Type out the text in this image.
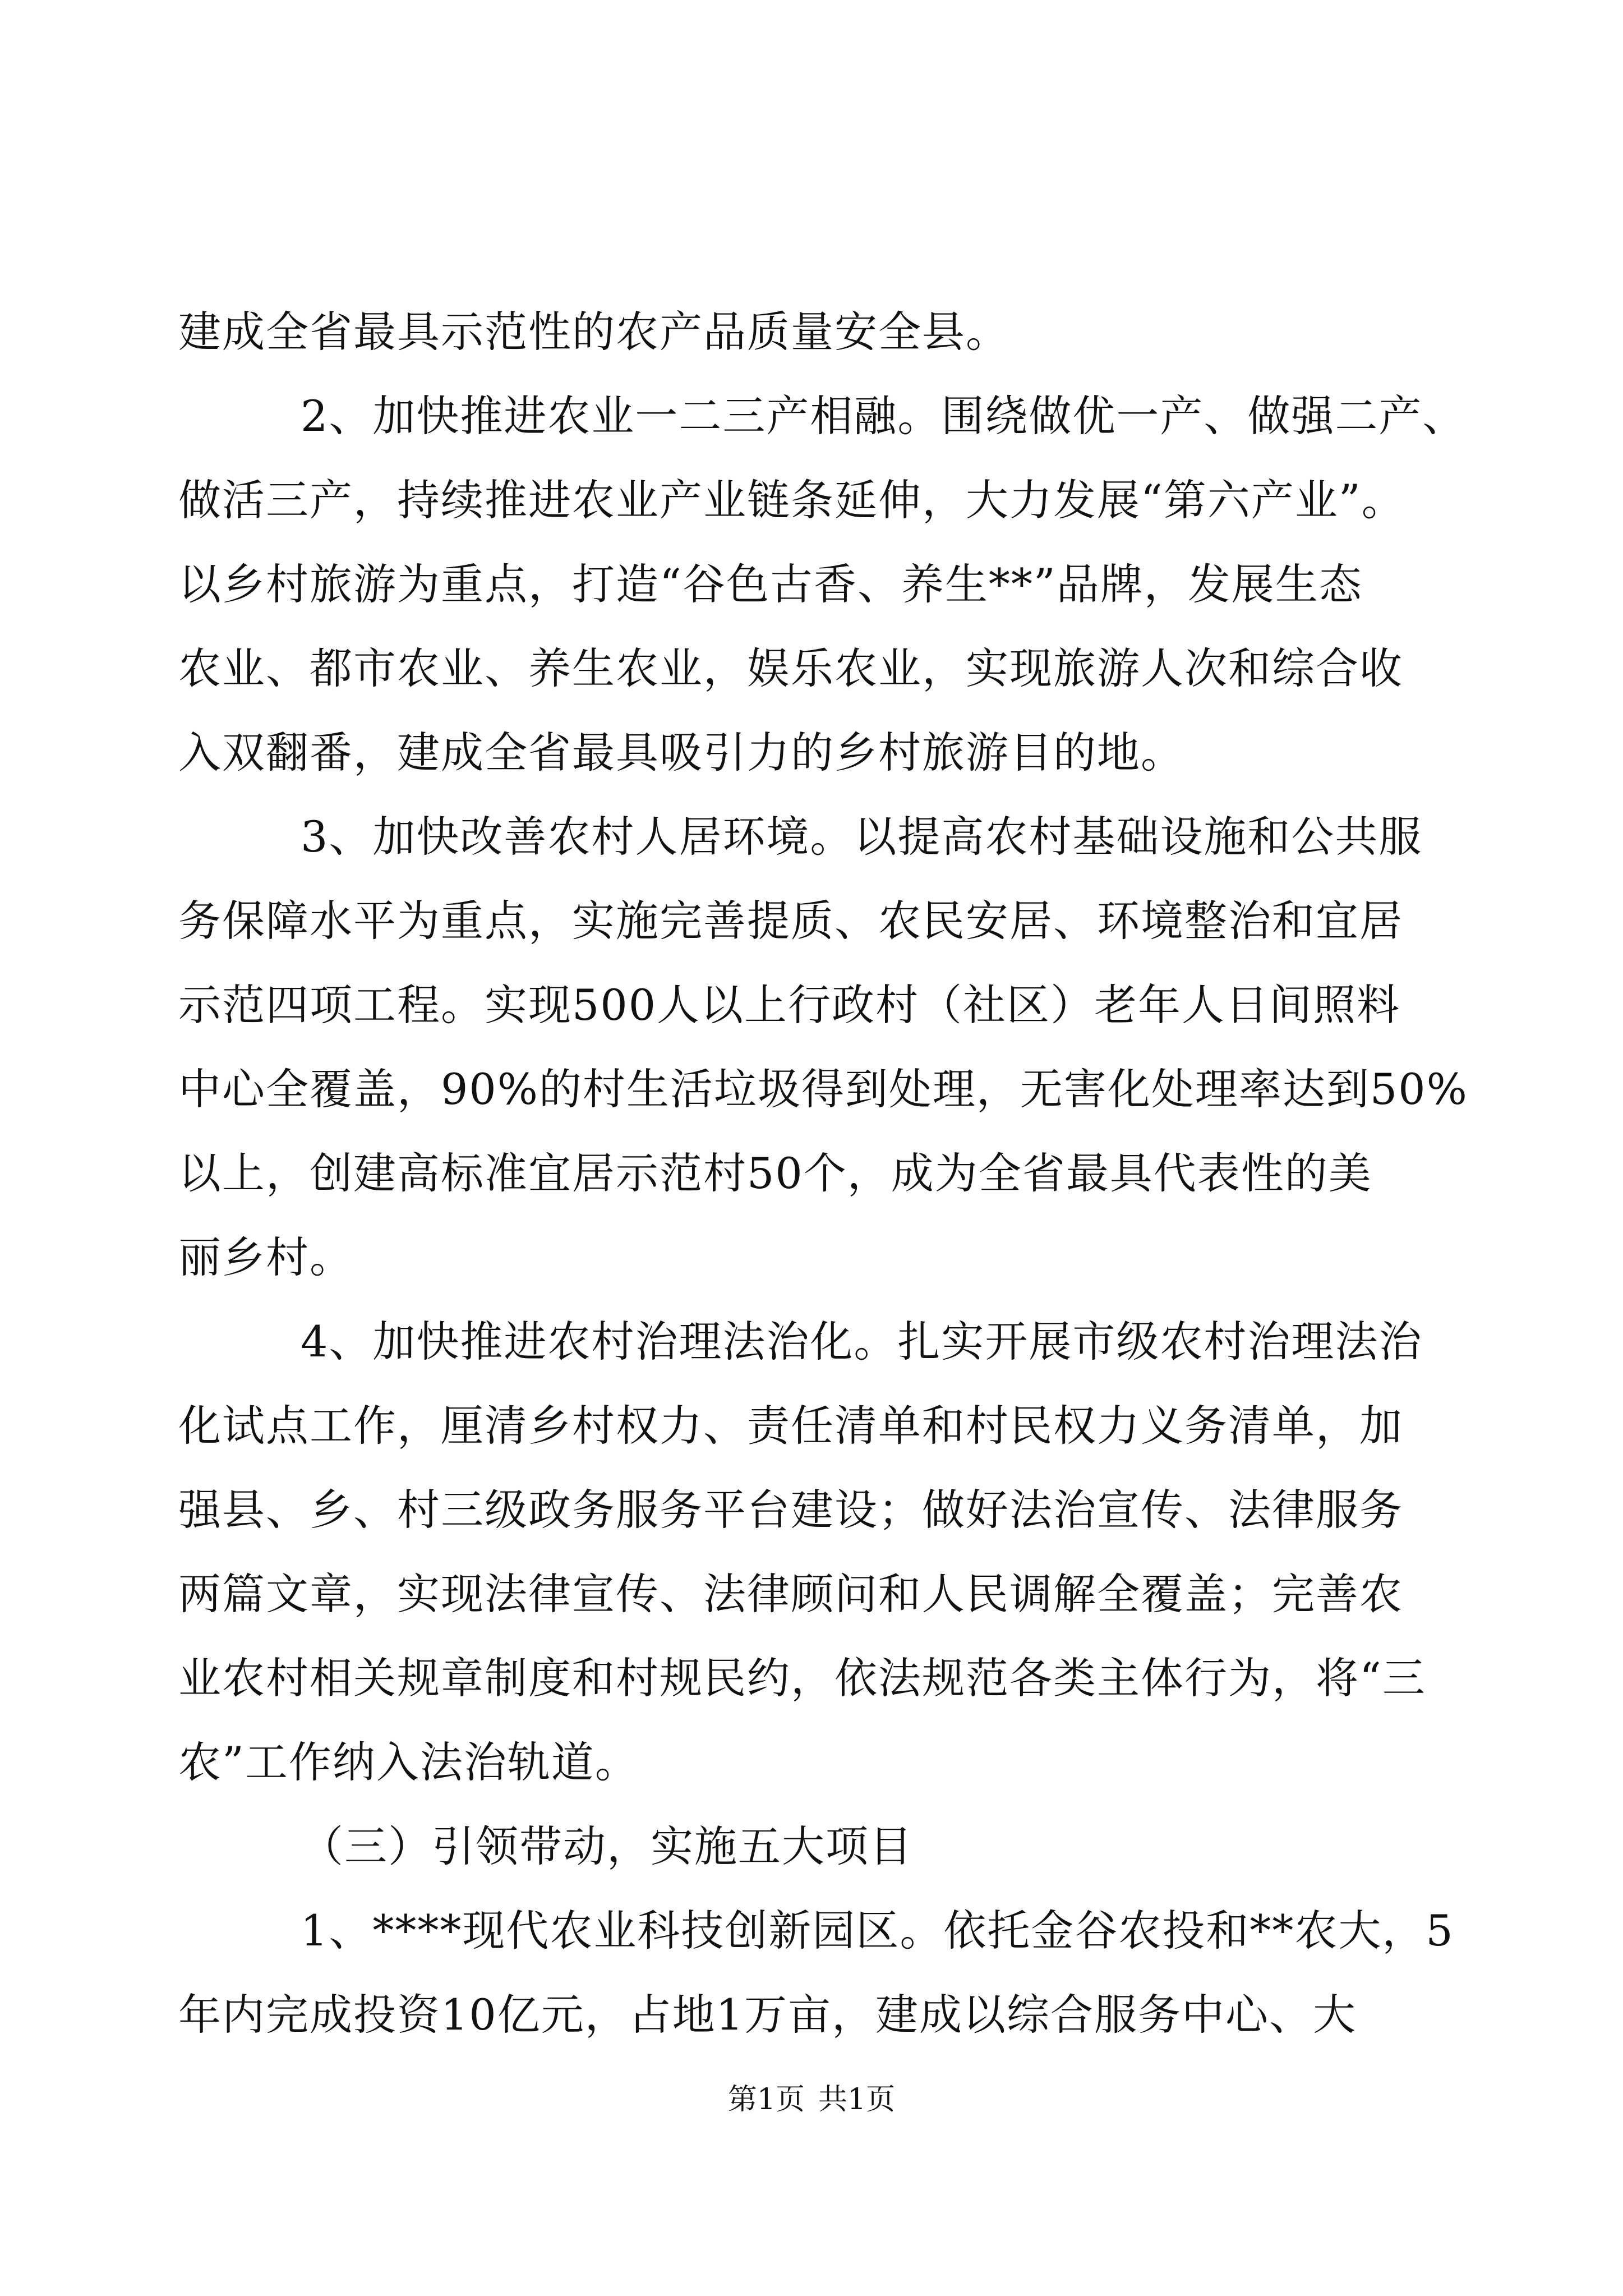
建成全省最具示范性的农产品质量安全县。
2、加快推进农业一二三产相融。围绕做优一产、做强二产、
做活三产，持续推进农业产业链条延伸，大力发展“第六产业”。
以乡村旅游为重点，打造“谷色古香、养生**”品牌，发展生态
农业、都市农业、养生农业，娱乐农业，实现旅游人次和综合收
入双翻番，建成全省最具吸引力的乡村旅游目的地。
3、加快改善农村人居环境。以提高农村基础设施和公共服
务保障水平为重点，实施完善提质、农民安居、环境整治和宜居
示范四项工程。实现500人以上行政村（社区）老年人日间照料
中心全覆盖，90%的村生活垃圾得到处理，无害化处理率达到50%
以上，创建高标准宜居示范村50个，成为全省最具代表性的美
丽乡村。
4、加快推进农村治理法治化。扎实开展市级农村治理法治
化试点工作，厘清乡村权力、责任清单和村民权力义务清单，加
强县、乡、村三级政务服务平台建设；做好法治宣传、法律服务
两篇文章，实现法律宣传、法律顾问和人民调解全覆盖；完善农
业农村相关规章制度和村规民约，依法规范各类主体行为，将“三
农”工作纳入法治轨道。
（三）引领带动，实施五大项目
1、****现代农业科技创新园区。依托金谷农投和**农大，5
年内完成投资10亿元，占地1万亩，建成以综合服务中心、大
第1页 共1页
